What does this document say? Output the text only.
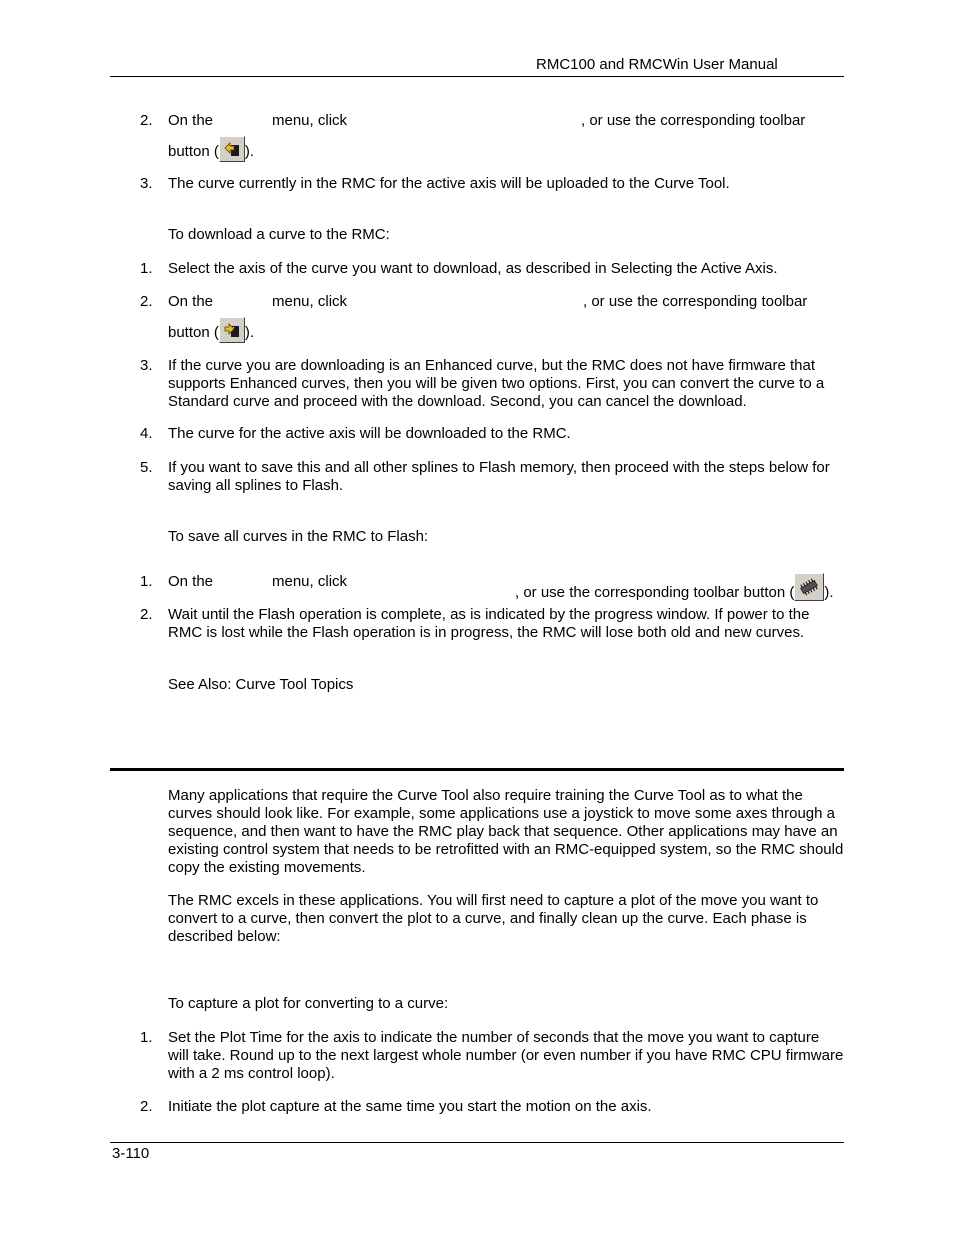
RMC100 and RMCWin User Manual
2. On the	menu, click	, or use the corresponding toolbar
button ( ).
3. The curve currently in the RMC for the active axis will be uploaded to the Curve Tool.
To download a curve to the RMC:
1. Select the axis of the curve you want to download, as described in Selecting the Active Axis.
2. On the	menu, click	, or use the corresponding toolbar
button ( ).
3. If the curve you are downloading is an Enhanced curve, but the RMC does not have firmware that supports Enhanced curves, then you will be given two options. First, you can convert the curve to a Standard curve and proceed with the download. Second, you can cancel the download.
4. The curve for the active axis will be downloaded to the RMC.
5. If you want to save this and all other splines to Flash memory, then proceed with the steps below for saving all splines to Flash.
To save all curves in the RMC to Flash:
1. On the	menu, click
, or use the corresponding toolbar button ( ).
2. Wait until the Flash operation is complete, as is indicated by the progress window. If power to the RMC is lost while the Flash operation is in progress, the RMC will lose both old and new curves.
See Also: Curve Tool Topics
Many applications that require the Curve Tool also require training the Curve Tool as to what the curves should look like. For example, some applications use a joystick to move some axes through a sequence, and then want to have the RMC play back that sequence. Other applications may have an existing control system that needs to be retrofitted with an RMC-equipped system, so the RMC should copy the existing movements.
The RMC excels in these applications. You will first need to capture a plot of the move you want to convert to a curve, then convert the plot to a curve, and finally clean up the curve. Each phase is described below:
To capture a plot for converting to a curve:
1. Set the Plot Time for the axis to indicate the number of seconds that the move you want to capture will take. Round up to the next largest whole number (or even number if you have RMC CPU firmware with a 2 ms control loop).
2. Initiate the plot capture at the same time you start the motion on the axis.
3-110
